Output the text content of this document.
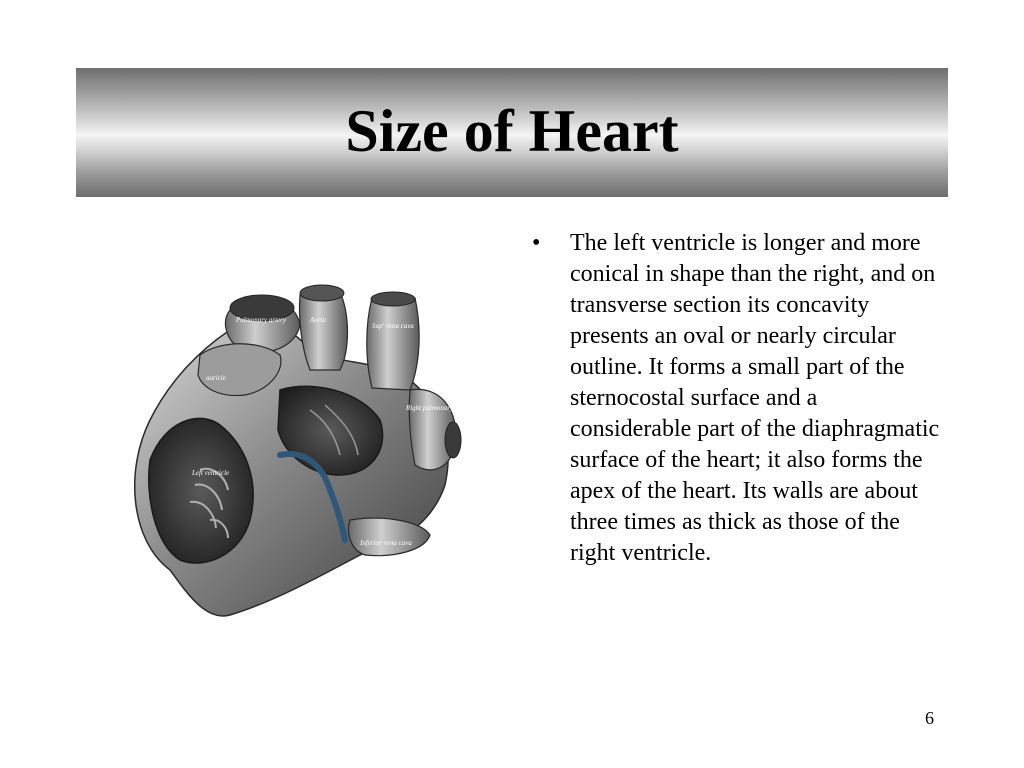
Size of Heart
Pulmonary artery	Aorta
Sup' vena cava
Right pulmonary veins
auricle
Left ventricle
Inferior vena cava
• The left ventricle is longer and more conical in shape than the right, and on transverse section its concavity presents an oval or nearly circular outline. It forms a small part of the sternocostal surface and a considerable part of the diaphragmatic surface of the heart; it also forms the apex of the heart. Its walls are about three times as thick as those of the right ventricle.
6
